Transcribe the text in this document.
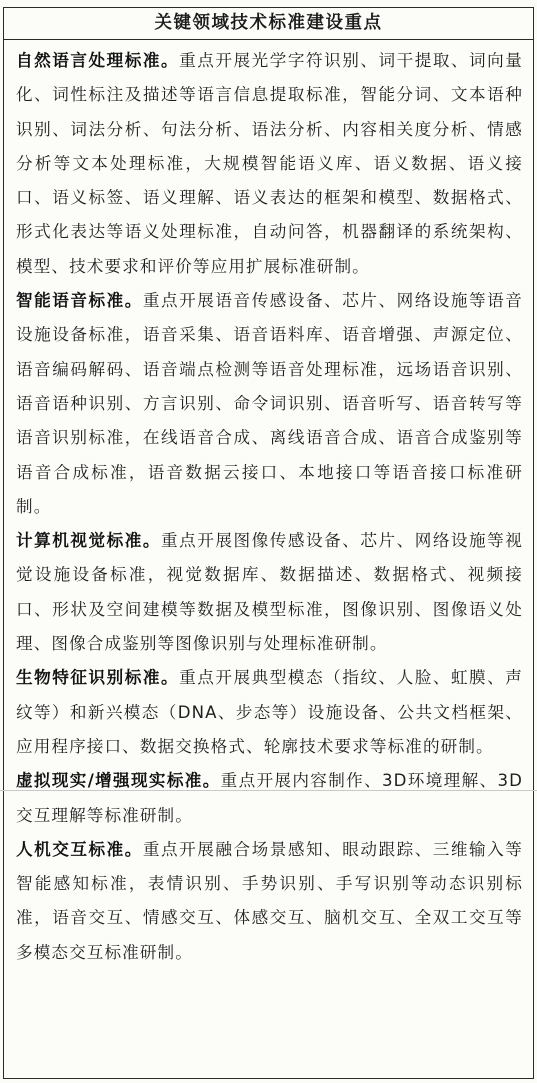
关键领域技术标准建设重点

自然语言处理标准。重点开展光学字符识别、词干提取、词向量化、词性标注及描述等语言信息提取标准，智能分词、文本语种识别、词法分析、句法分析、语法分析、内容相关度分析、情感分析等文本处理标准，大规模智能语义库、语义数据、语义接口、语义标签、语义理解、语义表达的框架和模型、数据格式、形式化表达等语义处理标准，自动问答，机器翻译的系统架构、模型、技术要求和评价等应用扩展标准研制。

智能语音标准。重点开展语音传感设备、芯片、网络设施等语音设施设备标准，语音采集、语音语料库、语音增强、声源定位、语音编码解码、语音端点检测等语音处理标准，远场语音识别、语音语种识别、方言识别、命令词识别、语音听写、语音转写等语音识别标准，在线语音合成、离线语音合成、语音合成鉴别等语音合成标准，语音数据云接口、本地接口等语音接口标准研制。

计算机视觉标准。重点开展图像传感设备、芯片、网络设施等视觉设施设备标准，视觉数据库、数据描述、数据格式、视频接口、形状及空间建模等数据及模型标准，图像识别、图像语义处理、图像合成鉴别等图像识别与处理标准研制。

生物特征识别标准。重点开展典型模态（指纹、人脸、虹膜、声纹等）和新兴模态（DNA、步态等）设施设备、公共文档框架、应用程序接口、数据交换格式、轮廓技术要求等标准的研制。

虚拟现实/增强现实标准。重点开展内容制作、3D环境理解、3D交互理解等标准研制。

人机交互标准。重点开展融合场景感知、眼动跟踪、三维输入等智能感知标准，表情识别、手势识别、手写识别等动态识别标准，语音交互、情感交互、体感交互、脑机交互、全双工交互等多模态交互标准研制。
